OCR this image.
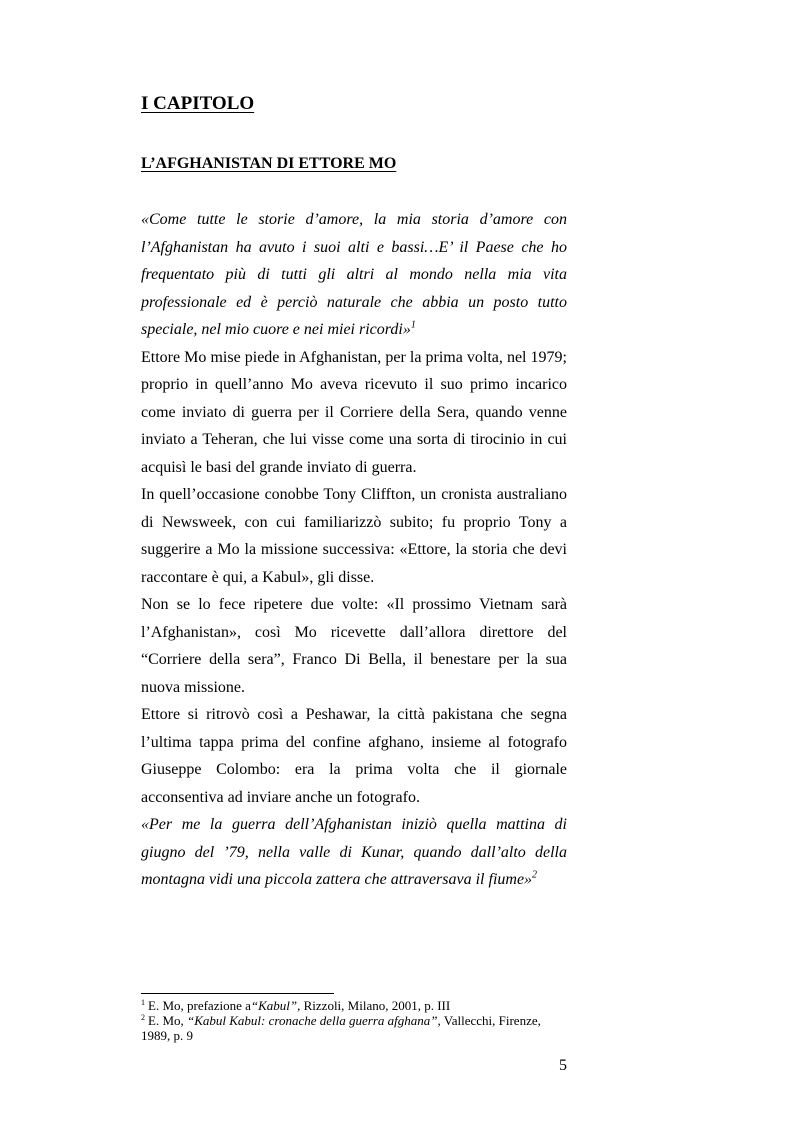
I CAPITOLO
L’AFGHANISTAN DI ETTORE MO

«Come tutte le storie d’amore, la mia storia d’amore con l’Afghanistan ha avuto i suoi alti e bassi…E’ il Paese che ho frequentato più di tutti gli altri al mondo nella mia vita professionale ed è perciò naturale che abbia un posto tutto speciale, nel mio cuore e nei miei ricordi»$^1$

Ettore Mo mise piede in Afghanistan, per la prima volta, nel 1979; proprio in quell’anno Mo aveva ricevuto il suo primo incarico come inviato di guerra per il Corriere della Sera, quando venne inviato a Teheran, che lui visse come una sorta di tirocinio in cui acquisì le basi del grande inviato di guerra.

In quell’occasione conobbe Tony Cliffton, un cronista australiano di Newsweek, con cui familiarizzò subito; fu proprio Tony a suggerire a Mo la missione successiva: «Ettore, la storia che devi raccontare è qui, a Kabul», gli disse.

Non se lo fece ripetere due volte: «Il prossimo Vietnam sarà l’Afghanistan», così Mo ricevette dall’allora direttore del “Corriere della sera”, Franco Di Bella, il benestare per la sua nuova missione.

Ettore si ritrovò così a Peshawar, la città pakistana che segna l’ultima tappa prima del confine afghano, insieme al fotografo Giuseppe Colombo: era la prima volta che il giornale acconsentiva ad inviare anche un fotografo.

«Per me la guerra dell’Afghanistan iniziò quella mattina di giugno del ’79, nella valle di Kunar, quando dall’alto della montagna vidi una piccola zattera che attraversava il fiume»$^2$

$^1$ E. Mo, prefazione a“Kabul”, Rizzoli, Milano, 2001, p. III

$^2$ E. Mo, “Kabul Kabul: cronache della guerra afghana”, Vallecchi, Firenze, 1989, p. 9

5
